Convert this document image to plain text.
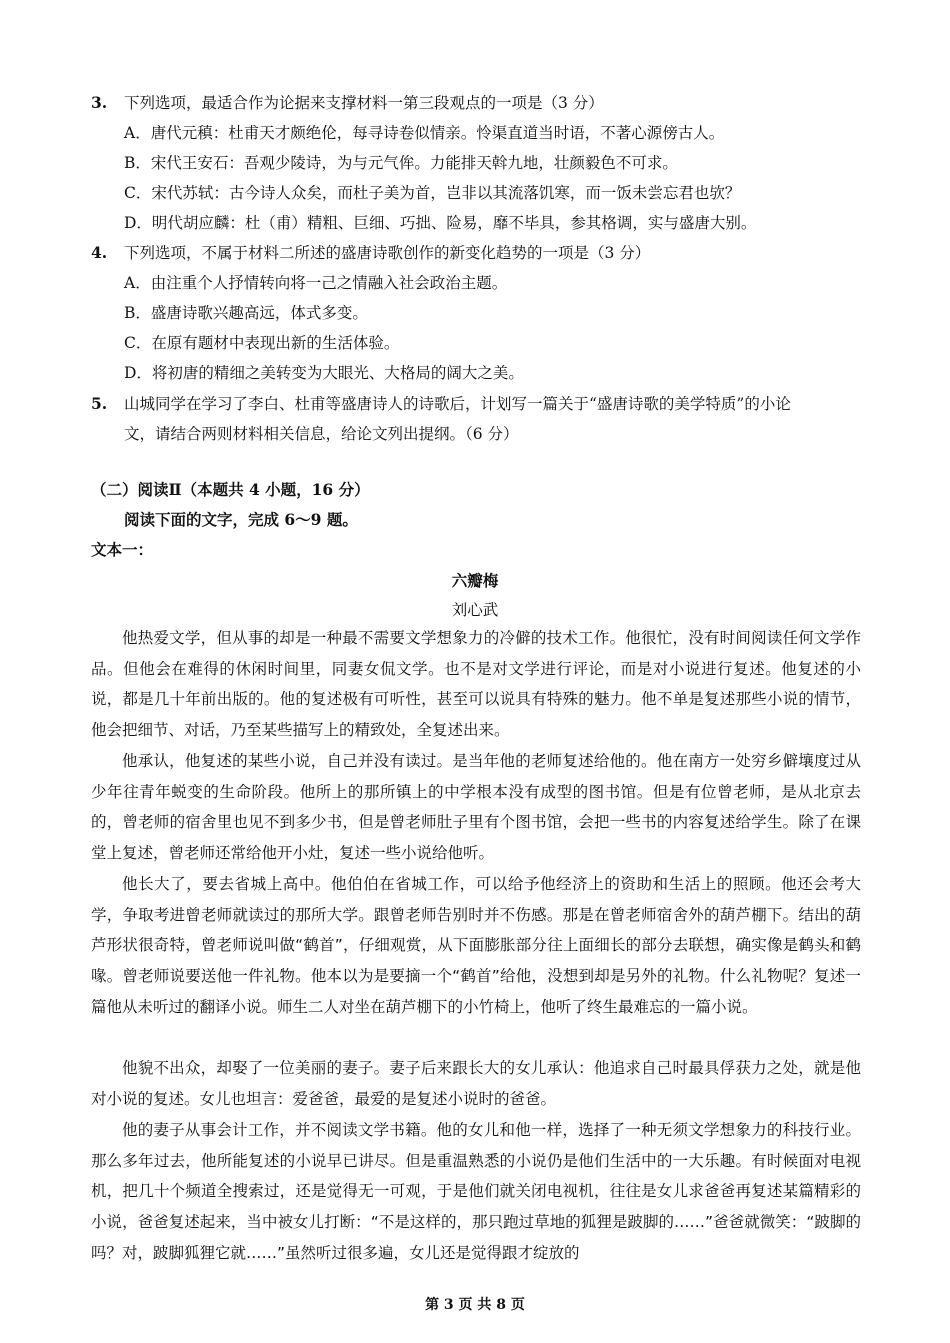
3. 下列选项，最适合作为论据来支撑材料一第三段观点的一项是（3 分）
A．唐代元稹：杜甫天才颇绝伦，每寻诗卷似情亲。怜渠直道当时语，不著心源傍古人。
B．宋代王安石：吾观少陵诗，为与元气侔。力能排天斡九地，壮颜毅色不可求。
C．宋代苏轼：古今诗人众矣，而杜子美为首，岂非以其流落饥寒，而一饭未尝忘君也欤？
D．明代胡应麟：杜（甫）精粗、巨细、巧拙、险易，靡不毕具，参其格调，实与盛唐大别。
4. 下列选项，不属于材料二所述的盛唐诗歌创作的新变化趋势的一项是（3 分）
A．由注重个人抒情转向将一己之情融入社会政治主题。
B．盛唐诗歌兴趣高远，体式多变。
C．在原有题材中表现出新的生活体验。
D．将初唐的精细之美转变为大眼光、大格局的阔大之美。
5. 山城同学在学习了李白、杜甫等盛唐诗人的诗歌后，计划写一篇关于“盛唐诗歌的美学特质”的小论
文，请结合两则材料相关信息，给论文列出提纲。（6 分）
（二）阅读Ⅱ（本题共 4 小题，16 分）
阅读下面的文字，完成 6～9 题。
文本一：
六瓣梅
刘心武
他热爱文学，但从事的却是一种最不需要文学想象力的冷僻的技术工作。他很忙，没有时间阅读任何文学作品。但他会在难得的休闲时间里，同妻女侃文学。也不是对文学进行评论，而是对小说进行复述。他复述的小说，都是几十年前出版的。他的复述极有可听性，甚至可以说具有特殊的魅力。他不单是复述那些小说的情节，他会把细节、对话，乃至某些描写上的精致处，全复述出来。
他承认，他复述的某些小说，自己并没有读过。是当年他的老师复述给他的。他在南方一处穷乡僻壤度过从少年往青年蜕变的生命阶段。他所上的那所镇上的中学根本没有成型的图书馆。但是有位曾老师，是从北京去的，曾老师的宿舍里也见不到多少书，但是曾老师肚子里有个图书馆，会把一些书的内容复述给学生。除了在课堂上复述，曾老师还常给他开小灶，复述一些小说给他听。
他长大了，要去省城上高中。他伯伯在省城工作，可以给予他经济上的资助和生活上的照顾。他还会考大学，争取考进曾老师就读过的那所大学。跟曾老师告别时并不伤感。那是在曾老师宿舍外的葫芦棚下。结出的葫芦形状很奇特，曾老师说叫做“鹤首”，仔细观赏，从下面膨胀部分往上面细长的部分去联想，确实像是鹤头和鹤喙。曾老师说要送他一件礼物。他本以为是要摘一个“鹤首”给他，没想到却是另外的礼物。什么礼物呢？复述一篇他从未听过的翻译小说。师生二人对坐在葫芦棚下的小竹椅上，他听了终生最难忘的一篇小说。
他貌不出众，却娶了一位美丽的妻子。妻子后来跟长大的女儿承认：他追求自己时最具俘获力之处，就是他对小说的复述。女儿也坦言：爱爸爸，最爱的是复述小说时的爸爸。
他的妻子从事会计工作，并不阅读文学书籍。他的女儿和他一样，选择了一种无须文学想象力的科技行业。那么多年过去，他所能复述的小说早已讲尽。但是重温熟悉的小说仍是他们生活中的一大乐趣。有时候面对电视机，把几十个频道全搜索过，还是觉得无一可观，于是他们就关闭电视机，往往是女儿求爸爸再复述某篇精彩的小说，爸爸复述起来，当中被女儿打断：“不是这样的，那只跑过草地的狐狸是跛脚的……”爸爸就微笑：“跛脚的吗？对，跛脚狐狸它就……”虽然听过很多遍，女儿还是觉得跟才绽放的
第 3 页 共 8 页
